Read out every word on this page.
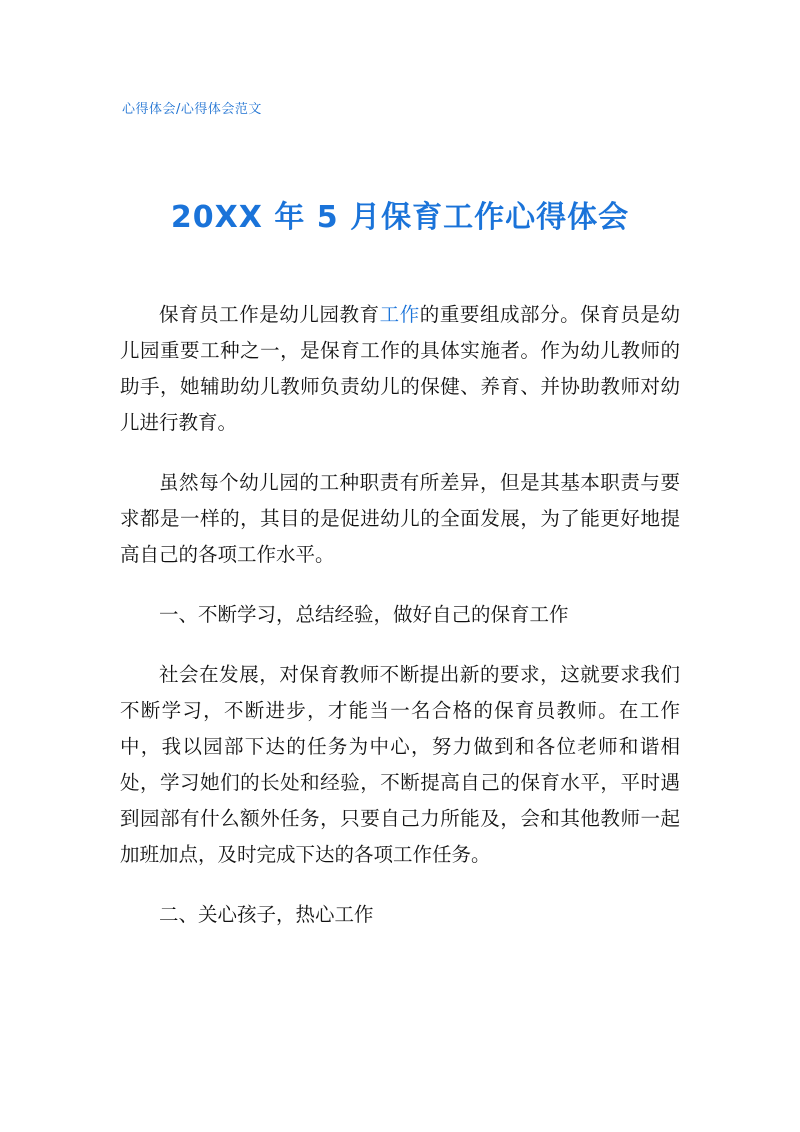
心得体会/心得体会范文
20XX 年 5 月保育工作心得体会

保育员工作是幼儿园教育工作的重要组成部分。保育员是幼儿园重要工种之一，是保育工作的具体实施者。作为幼儿教师的助手，她辅助幼儿教师负责幼儿的保健、养育、并协助教师对幼儿进行教育。

虽然每个幼儿园的工种职责有所差异，但是其基本职责与要求都是一样的，其目的是促进幼儿的全面发展，为了能更好地提高自己的各项工作水平。

一、不断学习，总结经验，做好自己的保育工作

社会在发展，对保育教师不断提出新的要求，这就要求我们不断学习，不断进步，才能当一名合格的保育员教师。在工作中，我以园部下达的任务为中心，努力做到和各位老师和谐相处，学习她们的长处和经验，不断提高自己的保育水平，平时遇到园部有什么额外任务，只要自己力所能及，会和其他教师一起加班加点，及时完成下达的各项工作任务。

二、关心孩子，热心工作
